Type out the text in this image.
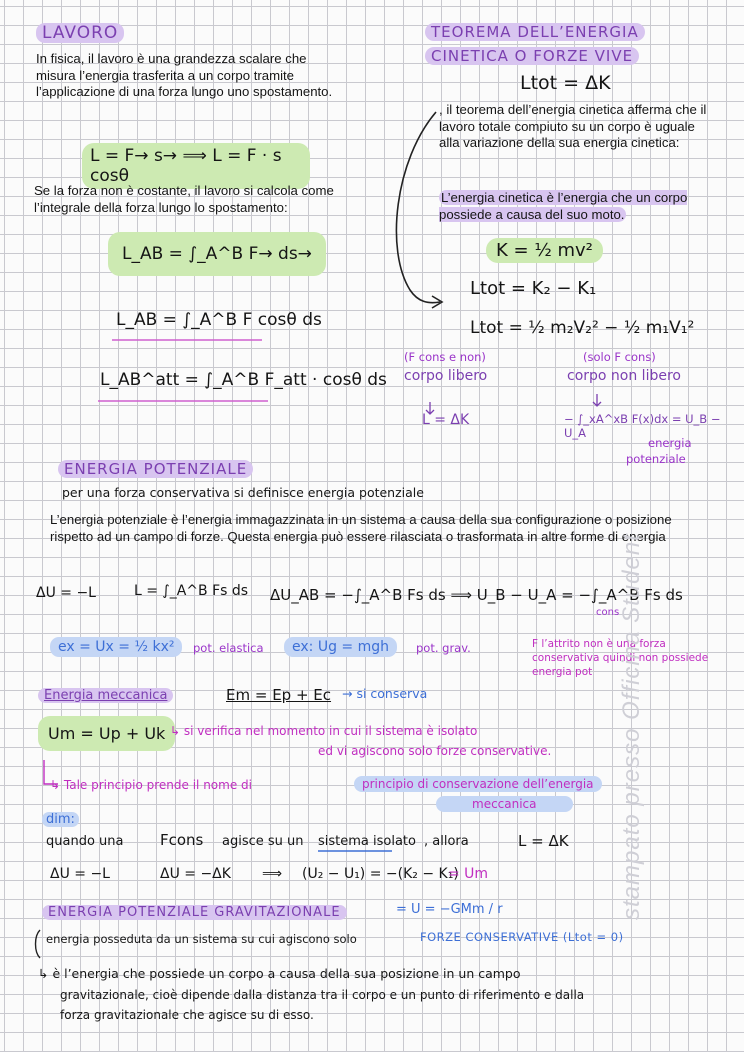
LAVORO
In fisica, il lavoro è una grandezza scalare che misura l’energia trasferita a un corpo tramite l’applicazione di una forza lungo uno spostamento.
L = F→ s→ ⟹ L = F · s cosθ
Se la forza non è costante, il lavoro si calcola come l’integrale della forza lungo lo spostamento:
L_AB = ∫_A^B F→ ds→
L_AB = ∫_A^B F cosθ ds
L_AB^att = ∫_A^B F_att · cosθ ds
TEOREMA DELL’ENERGIA
CINETICA O FORZE VIVE
Ltot = ΔK
, il teorema dell’energia cinetica afferma che il lavoro totale compiuto su un corpo è uguale alla variazione della sua energia cinetica:
L’energia cinetica è l’energia che un corpo possiede a causa del suo moto.
K = ½ mv²
Ltot = K₂ − K₁
Ltot = ½ m₂V₂² − ½ m₁V₁²
(F cons e non)
corpo libero
L = ΔK
(solo F cons)
corpo non libero
− ∫_xA^xB F(x)dx = U_B − U_A
energia
potenziale
ENERGIA POTENZIALE
per una forza conservativa si definisce energia potenziale
L’energia potenziale è l’energia immagazzinata in un sistema a causa della sua configurazione o posizione rispetto ad un campo di forze. Questa energia può essere rilasciata o trasformata in altre forme di energia
ΔU = −L	L = ∫_A^B Fs ds ΔU_AB = −∫_A^B Fs ds ⟹ U_B − U_A = −∫_A^B Fs ds
cons
ex = Ux = ½ kx²	pot. elastica	ex: Ug = mgh	pot. grav.	F l’attrito non è una forza conservativa quindi non possiede energia pot
Energia meccanica	Em = Ep + Ec → si conserva
Um = Up + Uk ↳ si verifica nel momento in cui il sistema è isolato
ed vi agiscono solo forze conservative.
↳ Tale principio prende il nome di	principio di conservazione dell’energia
meccanica
dim:
quando una Fcons agisce su un sistema isolato , allora	L = ΔK
ΔU = −L	ΔU = −ΔK ⟹ (U₂ − U₁) = −(K₂ − K₁)
= Um
ENERGIA POTENZIALE GRAVITAZIONALE	= U = −GMm / r
energia posseduta da un sistema su cui agiscono solo	FORZE CONSERVATIVE (Ltot = 0)
↳ è l’energia che possiede un corpo a causa della sua posizione in un campo
gravitazionale, cioè dipende dalla distanza tra il corpo e un punto di riferimento e dalla
forza gravitazionale che agisce su di esso.
stampato presso Officina Student
